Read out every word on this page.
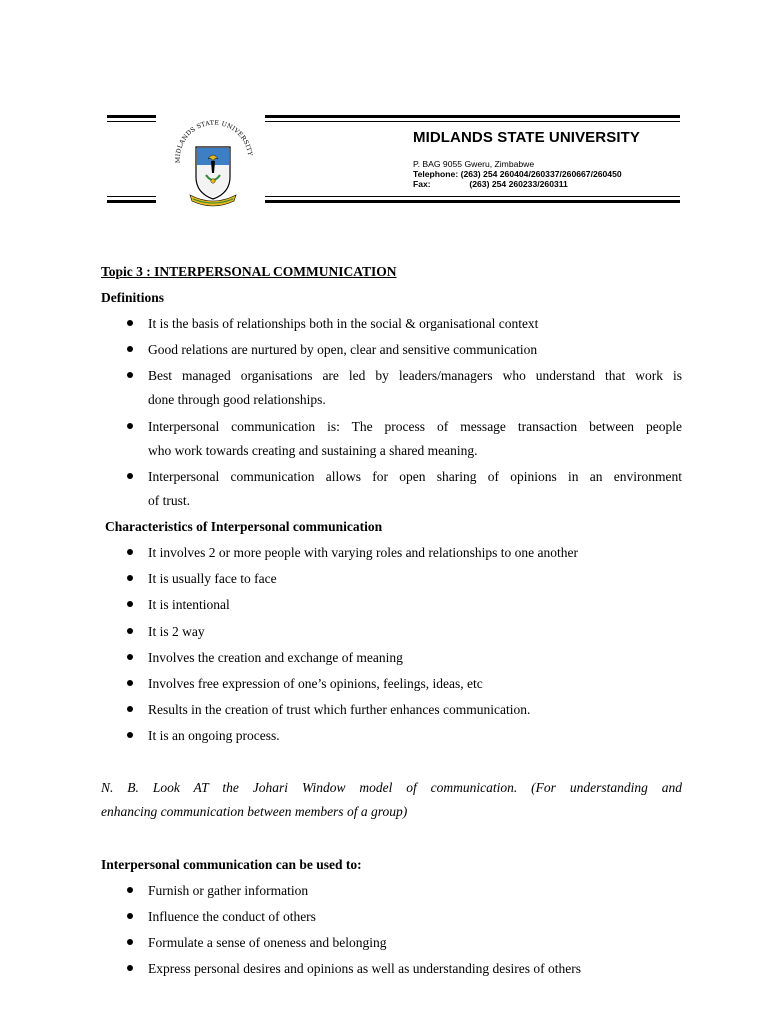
MIDLANDS STATE UNIVERSITY
MIDLANDS STATE UNIVERSITY
P. BAG 9055 Gweru, Zimbabwe
Telephone: (263) 254 260404/260337/260667/260450
Fax:	(263) 254 260233/260311
Topic 3 : INTERPERSONAL COMMUNICATION
Definitions
It is the basis of relationships both in the social & organisational context
Good relations are nurtured by open, clear and sensitive communication
Best managed organisations are led by leaders/managers who understand that work is
done through good relationships.
Interpersonal communication is: The process of message transaction between people
who work towards creating and sustaining a shared meaning.
Interpersonal communication allows for open sharing of opinions in an environment
of trust.
Characteristics of Interpersonal communication
It involves 2 or more people with varying roles and relationships to one another
It is usually face to face
It is intentional
It is 2 way
Involves the creation and exchange of meaning
Involves free expression of one’s opinions, feelings, ideas, etc
Results in the creation of trust which further enhances communication.
It is an ongoing process.
N. B. Look AT the Johari Window model of communication. (For understanding and
enhancing communication between members of a group)
Interpersonal communication can be used to:
Furnish or gather information
Influence the conduct of others
Formulate a sense of oneness and belonging
Express personal desires and opinions as well as understanding desires of others
